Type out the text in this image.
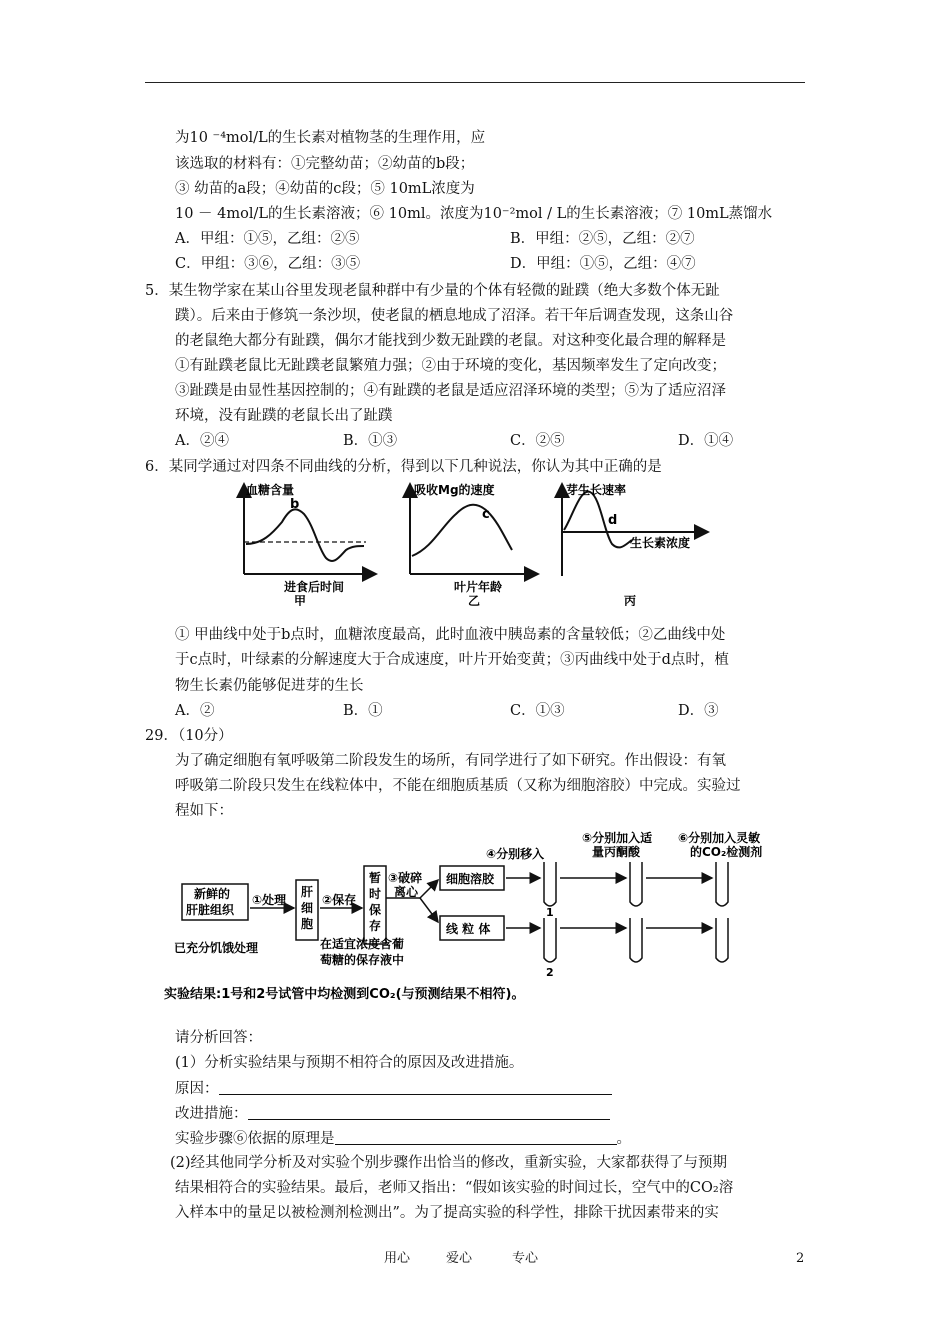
为10 ⁻⁴mol/L的生长素对植物茎的生理作用，应
该选取的材料有：①完整幼苗；②幼苗的b段；
③ 幼苗的a段；④幼苗的c段；⑤ 10mL浓度为
10 － 4mol/L的生长素溶液；⑥ 10ml。浓度为10⁻²mol / L的生长素溶液；⑦ 10mL蒸馏水
A．甲组：①⑤，乙组：②⑤	B．甲组：②⑤，乙组：②⑦
C．甲组：③⑥，乙组：③⑤	D．甲组：①⑤，乙组：④⑦
5．某生物学家在某山谷里发现老鼠种群中有少量的个体有轻微的趾蹼（绝大多数个体无趾
蹼）。后来由于修筑一条沙坝，使老鼠的栖息地成了沼泽。若干年后调查发现，这条山谷
的老鼠绝大都分有趾蹼，偶尔才能找到少数无趾蹼的老鼠。对这种变化最合理的解释是
①有趾蹼老鼠比无趾蹼老鼠繁殖力强；②由于环境的变化，基因频率发生了定向改变；
③趾蹼是由显性基因控制的；④有趾蹼的老鼠是适应沼泽环境的类型；⑤为了适应沼泽
环境，没有趾蹼的老鼠长出了趾蹼
A．②④	B．①③	C．②⑤	D．①④
6．某同学通过对四条不同曲线的分析，得到以下几种说法，你认为其中正确的是
血糖含量
b
进食后时间
甲
吸收Mg的速度
c
叶片年龄
乙
芽生长速率
d
生长素浓度
丙
① 甲曲线中处于b点时，血糖浓度最高，此时血液中胰岛素的含量较低；②乙曲线中处
于c点时，叶绿素的分解速度大于合成速度，叶片开始变黄；③丙曲线中处于d点时，植
物生长素仍能够促进芽的生长
A．②	B．①	C．①③	D．③
29．（10分）
为了确定细胞有氧呼吸第二阶段发生的场所，有同学进行了如下研究。作出假设：有氧
呼吸第二阶段只发生在线粒体中，不能在细胞质基质（又称为细胞溶胶）中完成。实验过
程如下：
新鲜的
肝脏组织
①处理
肝
细
胞
②保存
暂
时
保
存
③破碎
离心
细胞溶胶
线 粒 体
④分别移入
1
2
⑤分别加入适
量丙酮酸
⑥分别加入灵敏
的CO₂检测剂
已充分饥饿处理	在适宜浓度含葡
萄糖的保存液中
实验结果:1号和2号试管中均检测到CO₂(与预测结果不相符)。
请分析回答：
(1）分析实验结果与预期不相符合的原因及改进措施。
原因：
改进措施：
实验步骤⑥依据的原理是	。
(2)经其他同学分析及对实验个别步骤作出恰当的修改，重新实验，大家都获得了与预期
结果相符合的实验结果。最后，老师又指出：“假如该实验的时间过长，空气中的CO₂溶
入样本中的量足以被检测剂检测出”。为了提高实验的科学性，排除干扰因素带来的实
用心	爱心	专心	2
